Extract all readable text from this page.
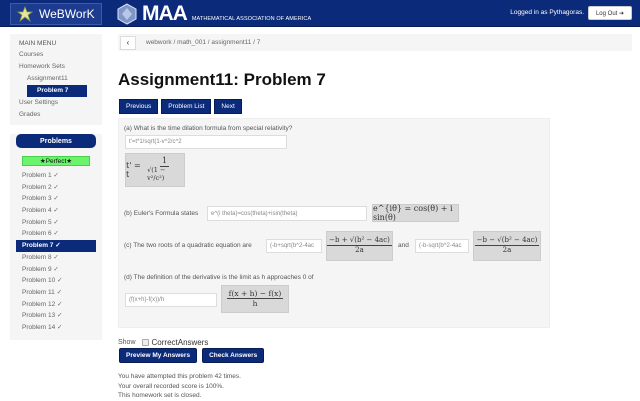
WeBWorK MAA MATHEMATICAL ASSOCIATION OF AMERICA
Logged in as Pythagoras.	Log Out ➜
MAIN MENU
Courses
Homework Sets
Assignment11
Problem 7
User Settings
Grades
Problems
★Perfect★
Problem 1 ✓
Problem 2 ✓
Problem 3 ✓
Problem 4 ✓
Problem 5 ✓
Problem 6 ✓
Problem 7 ✓
Problem 8 ✓
Problem 9 ✓
Problem 10 ✓
Problem 11 ✓
Problem 12 ✓
Problem 13 ✓
Problem 14 ✓
‹	webwork / math_001 / assignment11 / 7
Assignment11: Problem 7
Previous	Problem List	Next
(a) What is the time dilation formula from special relativity?
t'=t*1/sqrt(1-v^2/c^2
t' = t	$\frac{1}{\text{√(1 − v²/c²)}}$
(b) Euler's Formula states	e^(i theta)=cos(theta)+isin(theta)
e^{iθ} = cos(θ) + i sin(θ)
(c) The two roots of a quadratic equation are	(-b+sqrt(b^2-4ac	$\frac{\text{−b + √(b² − 4ac)}}{2a}$ and	(-b-sqrt(b^2-4ac	$\frac{\text{−b − √(b² − 4ac)}}{2a}$
(d) The definition of the derivative is the limit as h approaches 0 of
(f(x+h)-f(x))/h	$\frac{f(x + h) - f(x)}{h}$
Show CorrectAnswers
Preview My Answers	Check Answers
You have attempted this problem 42 times.
Your overall recorded score is 100%.
This homework set is closed.
